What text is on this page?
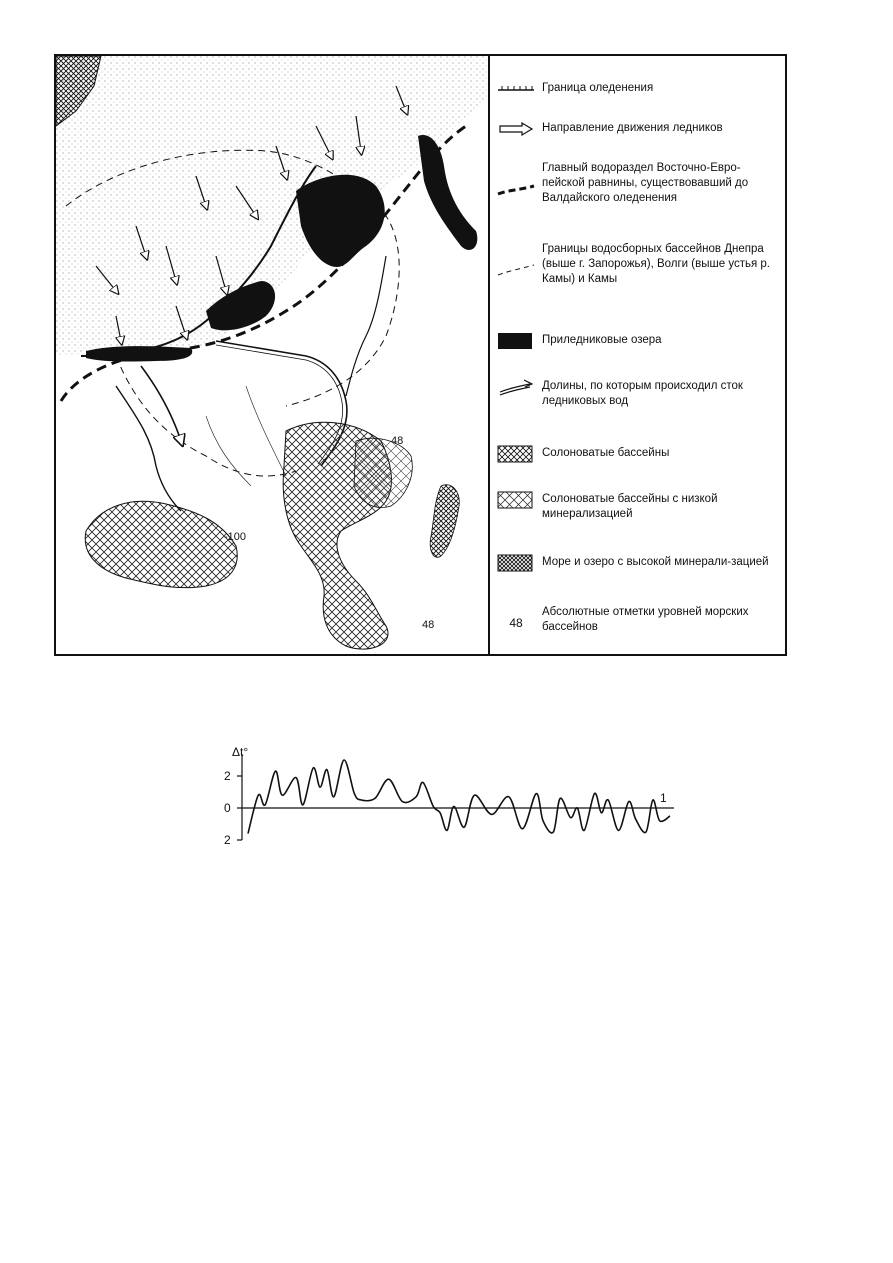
48
-100
48
Граница оледенения
Направление движения ледников
Главный водораздел Восточно-Евро-пейской равнины, существовавший до Валдайского оледенения
Границы водосборных бассейнов Днепра (выше г. Запорожья), Волги (выше устья р. Камы) и Камы
Приледниковые озера
Долины, по которым происходил сток ледниковых вод
Солоноватые бассейны
Солоноватые бассейны с низкой минерализацией
Море и озеро с высокой минерали-зацией
48
Абсолютные отметки уровней морских бассейнов
Δt°
2
0
2
1
